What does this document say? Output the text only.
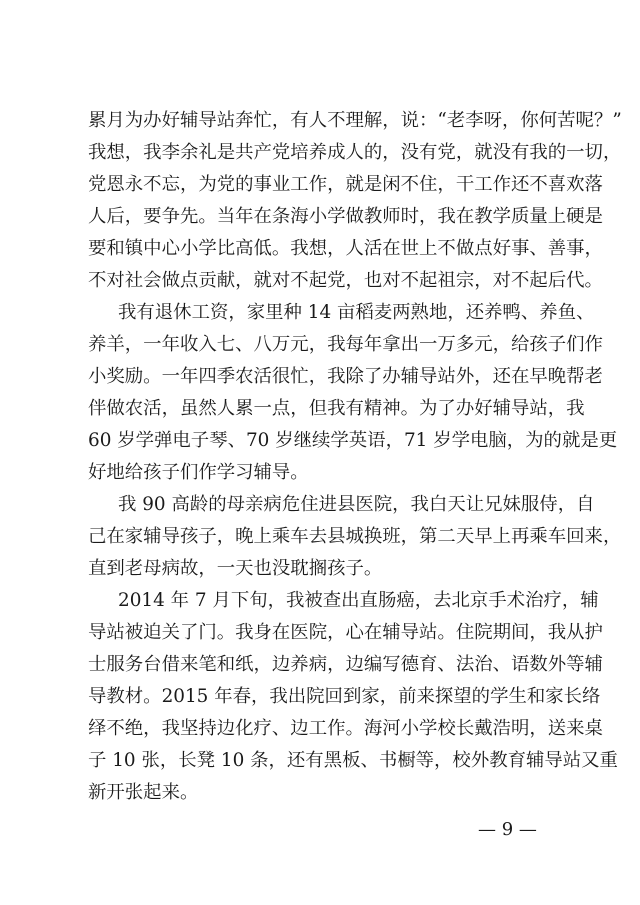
累月为办好辅导站奔忙，有人不理解，说：“老李呀，你何苦呢？”
我想，我李余礼是共产党培养成人的，没有党，就没有我的一切，
党恩永不忘，为党的事业工作，就是闲不住，干工作还不喜欢落
人后，要争先。当年在条海小学做教师时，我在教学质量上硬是
要和镇中心小学比高低。我想，人活在世上不做点好事、善事，
不对社会做点贡献，就对不起党，也对不起祖宗，对不起后代。
我有退休工资，家里种 14 亩稻麦两熟地，还养鸭、养鱼、
养羊，一年收入七、八万元，我每年拿出一万多元，给孩子们作
小奖励。一年四季农活很忙，我除了办辅导站外，还在早晚帮老
伴做农活，虽然人累一点，但我有精神。为了办好辅导站，我
60 岁学弹电子琴、70 岁继续学英语，71 岁学电脑，为的就是更
好地给孩子们作学习辅导。
我 90 高龄的母亲病危住进县医院，我白天让兄妹服侍，自
己在家辅导孩子，晚上乘车去县城换班，第二天早上再乘车回来，
直到老母病故，一天也没耽搁孩子。
2014 年 7 月下旬，我被查出直肠癌，去北京手术治疗，辅
导站被迫关了门。我身在医院，心在辅导站。住院期间，我从护
士服务台借来笔和纸，边养病，边编写德育、法治、语数外等辅
导教材。2015 年春，我出院回到家，前来探望的学生和家长络
绎不绝，我坚持边化疗、边工作。海河小学校长戴浩明，送来桌
子 10 张，长凳 10 条，还有黑板、书橱等，校外教育辅导站又重
新开张起来。
— 9 —
